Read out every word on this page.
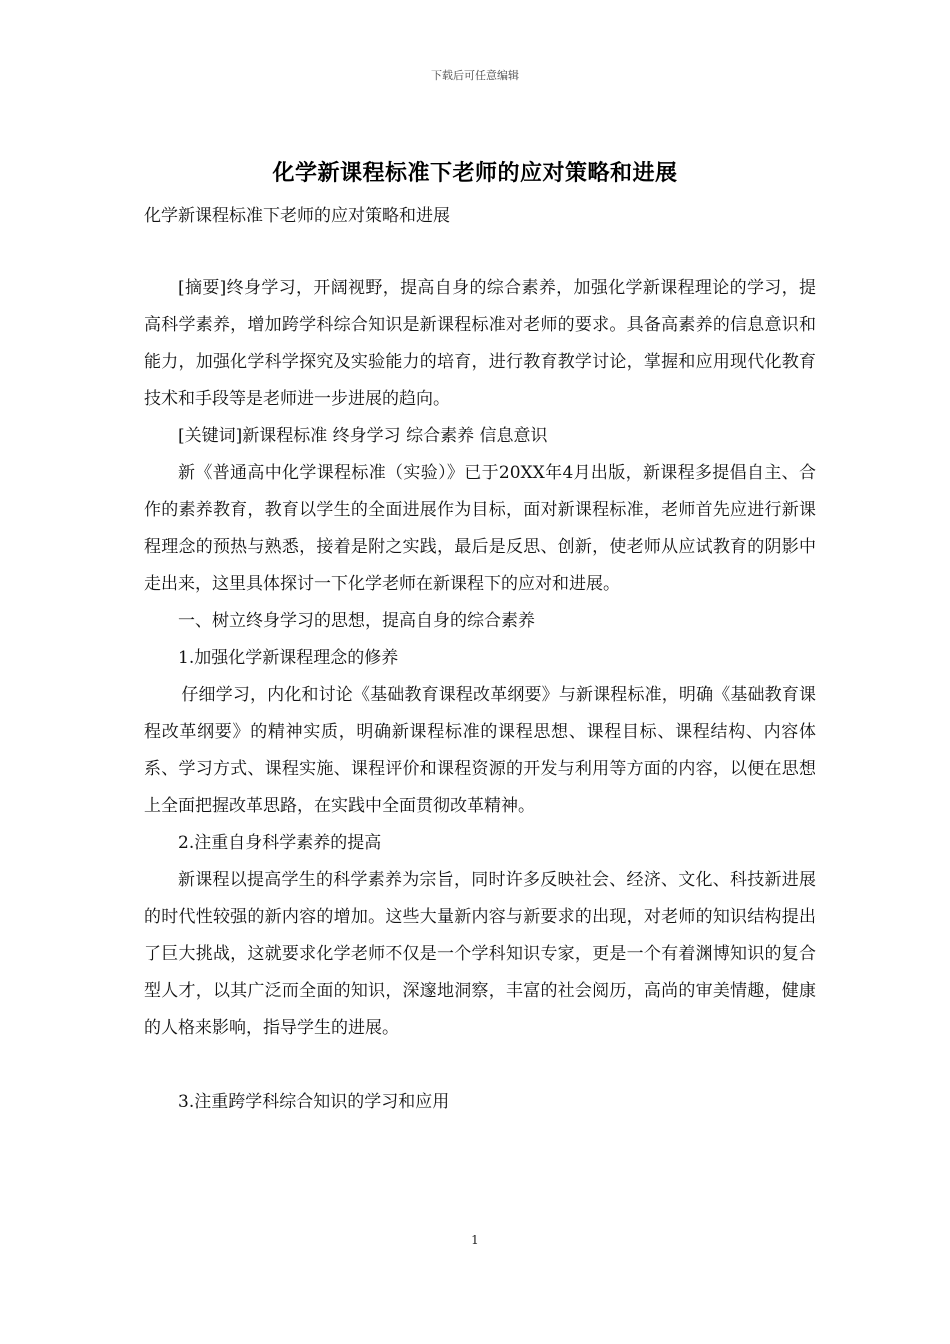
下载后可任意编辑
化学新课程标准下老师的应对策略和进展
化学新课程标准下老师的应对策略和进展

[摘要]终身学习，开阔视野，提高自身的综合素养，加强化学新课程理论的学习，提高科学素养，增加跨学科综合知识是新课程标准对老师的要求。具备高素养的信息意识和能力，加强化学科学探究及实验能力的培育，进行教育教学讨论，掌握和应用现代化教育技术和手段等是老师进一步进展的趋向。

[关键词]新课程标准 终身学习 综合素养 信息意识

新《普通高中化学课程标准（实验）》已于20XX年4月出版，新课程多提倡自主、合作的素养教育，教育以学生的全面进展作为目标，面对新课程标准，老师首先应进行新课程理念的预热与熟悉，接着是附之实践，最后是反思、创新，使老师从应试教育的阴影中走出来，这里具体探讨一下化学老师在新课程下的应对和进展。

一、树立终身学习的思想，提高自身的综合素养

1.加强化学新课程理念的修养

仔细学习，内化和讨论《基础教育课程改革纲要》与新课程标准，明确《基础教育课程改革纲要》的精神实质，明确新课程标准的课程思想、课程目标、课程结构、内容体系、学习方式、课程实施、课程评价和课程资源的开发与利用等方面的内容，以便在思想上全面把握改革思路，在实践中全面贯彻改革精神。

2.注重自身科学素养的提高

新课程以提高学生的科学素养为宗旨，同时许多反映社会、经济、文化、科技新进展的时代性较强的新内容的增加。这些大量新内容与新要求的出现，对老师的知识结构提出了巨大挑战，这就要求化学老师不仅是一个学科知识专家，更是一个有着渊博知识的复合型人才，以其广泛而全面的知识，深邃地洞察，丰富的社会阅历，高尚的审美情趣，健康的人格来影响，指导学生的进展。

3.注重跨学科综合知识的学习和应用

1
